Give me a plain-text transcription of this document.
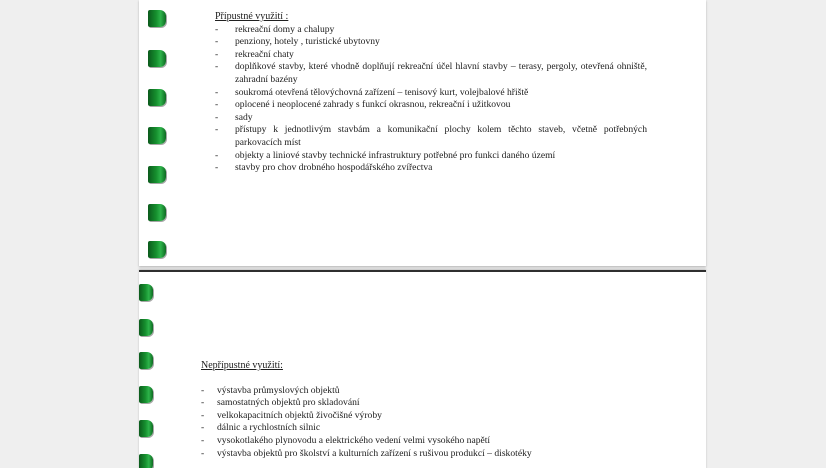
Přípustné využití :
- rekreační domy a chalupy
- penziony, hotely , turistické ubytovny
- rekreační chaty
- doplňkové stavby, které vhodně doplňují rekreační účel hlavní stavby – terasy, pergoly, otevřená ohniště, zahradní bazény
- soukromá otevřená tělovýchovná zařízení – tenisový kurt, volejbalové hřiště
- oplocené i neoplocené zahrady s funkcí okrasnou, rekreační i užitkovou
- sady
- přístupy k jednotlivým stavbám a komunikační plochy kolem těchto staveb, včetně potřebných parkovacích míst
- objekty a liniové stavby technické infrastruktury potřebné pro funkci daného území
- stavby pro chov drobného hospodářského zvířectva
Nepřípustné využití:
- výstavba průmyslových objektů
- samostatných objektů pro skladování
- velkokapacitních objektů živočišné výroby
- dálnic a rychlostních silnic
- vysokotlakého plynovodu a elektrického vedení velmi vysokého napětí
- výstavba objektů pro školství a kulturních zařízení s rušivou produkcí – diskotéky
